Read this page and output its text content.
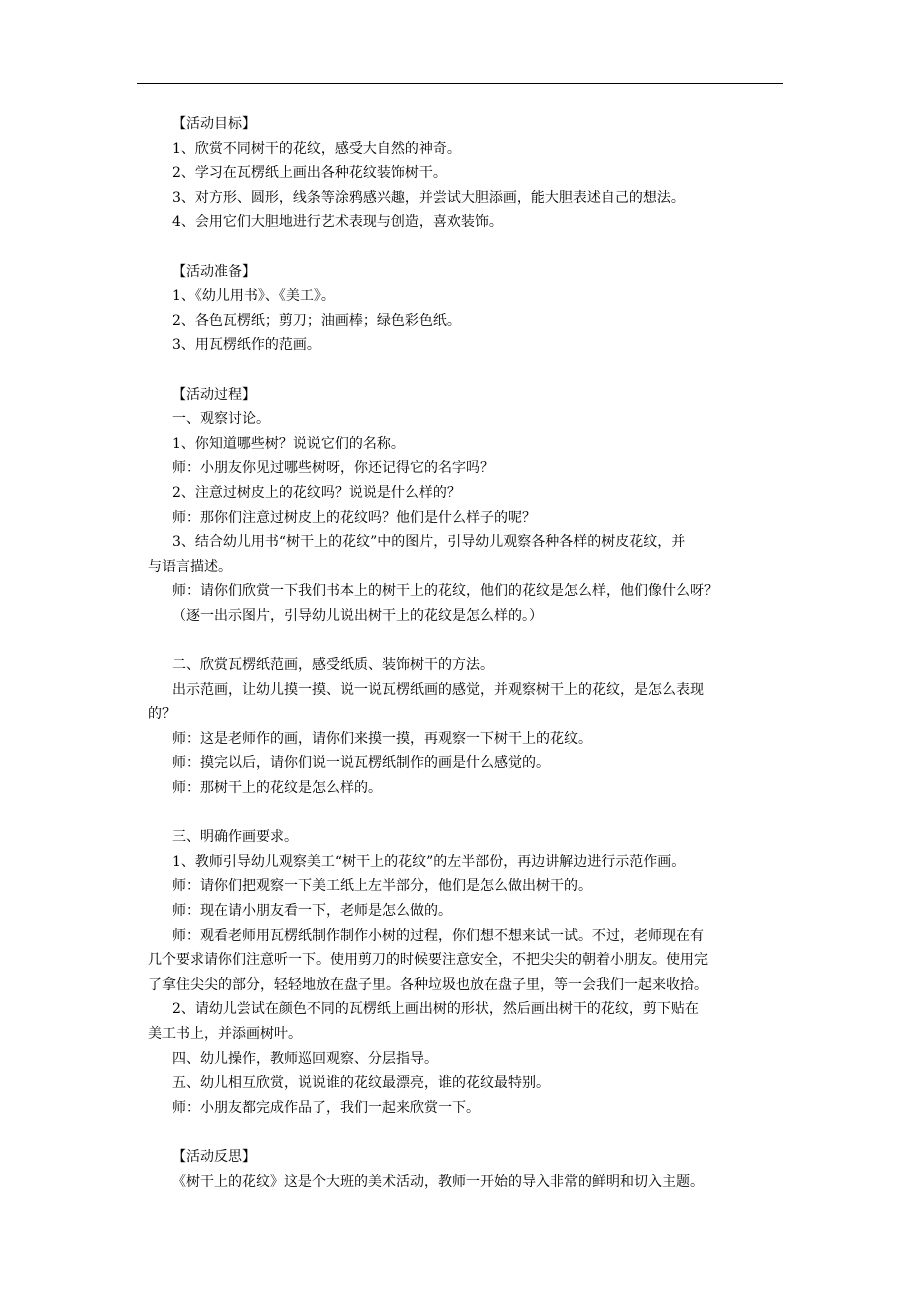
【活动目标】
1、欣赏不同树干的花纹，感受大自然的神奇。
2、学习在瓦楞纸上画出各种花纹装饰树干。
3、对方形、圆形，线条等涂鸦感兴趣，并尝试大胆添画，能大胆表述自己的想法。
4、会用它们大胆地进行艺术表现与创造，喜欢装饰。
【活动准备】
1、《幼儿用书》、《美工》。
2、各色瓦楞纸；剪刀；油画棒；绿色彩色纸。
3、用瓦楞纸作的范画。
【活动过程】
一、观察讨论。
1、你知道哪些树？说说它们的名称。
师：小朋友你见过哪些树呀，你还记得它的名字吗？
2、注意过树皮上的花纹吗？说说是什么样的？
师：那你们注意过树皮上的花纹吗？他们是什么样子的呢？
3、结合幼儿用书“树干上的花纹”中的图片，引导幼儿观察各种各样的树皮花纹，并
与语言描述。
师：请你们欣赏一下我们书本上的树干上的花纹，他们的花纹是怎么样，他们像什么呀？
（逐一出示图片，引导幼儿说出树干上的花纹是怎么样的。）
二、欣赏瓦楞纸范画，感受纸质、装饰树干的方法。
出示范画，让幼儿摸一摸、说一说瓦楞纸画的感觉，并观察树干上的花纹，是怎么表现
的？
师：这是老师作的画，请你们来摸一摸，再观察一下树干上的花纹。
师：摸完以后，请你们说一说瓦楞纸制作的画是什么感觉的。
师：那树干上的花纹是怎么样的。
三、明确作画要求。
1、教师引导幼儿观察美工“树干上的花纹”的左半部份，再边讲解边进行示范作画。
师：请你们把观察一下美工纸上左半部分，他们是怎么做出树干的。
师：现在请小朋友看一下，老师是怎么做的。
师：观看老师用瓦楞纸制作制作小树的过程，你们想不想来试一试。不过，老师现在有
几个要求请你们注意听一下。使用剪刀的时候要注意安全，不把尖尖的朝着小朋友。使用完
了拿住尖尖的部分，轻轻地放在盘子里。各种垃圾也放在盘子里，等一会我们一起来收拾。
2、请幼儿尝试在颜色不同的瓦楞纸上画出树的形状，然后画出树干的花纹，剪下贴在
美工书上，并添画树叶。
四、幼儿操作，教师巡回观察、分层指导。
五、幼儿相互欣赏，说说谁的花纹最漂亮，谁的花纹最特别。
师：小朋友都完成作品了，我们一起来欣赏一下。
【活动反思】
《树干上的花纹》这是个大班的美术活动，教师一开始的导入非常的鲜明和切入主题。
